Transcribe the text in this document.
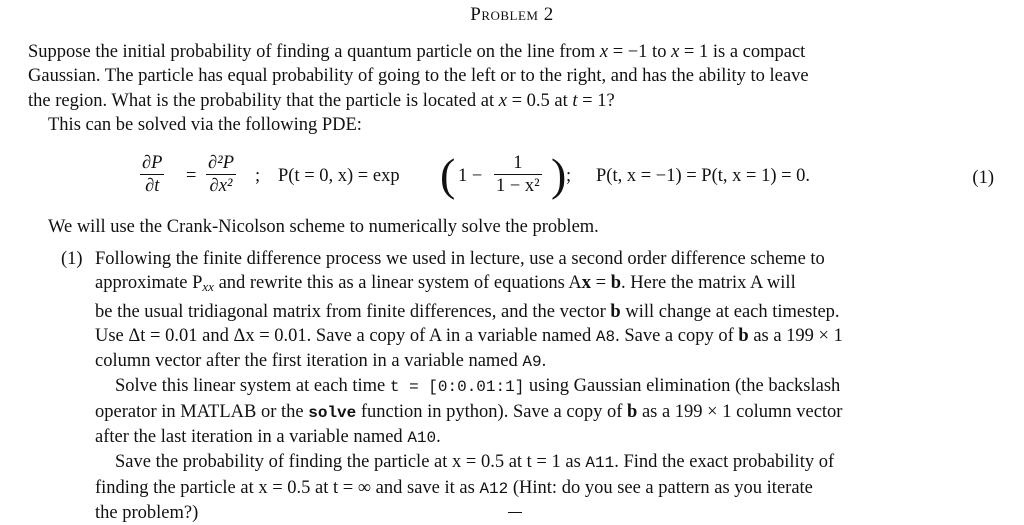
Problem 2
Suppose the initial probability of finding a quantum particle on the line from x = −1 to x = 1 is a compact
Gaussian. The particle has equal probability of going to the left or to the right, and has the ability to leave
the region. What is the probability that the particle is located at x = 0.5 at t = 1?
This can be solved via the following PDE:
$\frac{\partial P}{\partial t} = \frac{\text{∂²P}}{\text{∂x²}}$ ; P(t = 0, x) = exp ( $1 - \frac{1}{\text{1 − x²}}$ ) ; P(t, x = −1) = P(t, x = 1) = 0.	(1)
We will use the Crank-Nicolson scheme to numerically solve the problem.
(1) Following the finite difference process we used in lecture, use a second order difference scheme to
approximate $P_{xx}$ and rewrite this as a linear system of equations Ax = b. Here the matrix A will
be the usual tridiagonal matrix from finite differences, and the vector b will change at each timestep.
Use Δt = 0.01 and Δx = 0.01. Save a copy of A in a variable named A8. Save a copy of b as a 199 × 1
column vector after the first iteration in a variable named A9.
Solve this linear system at each time t = [0:0.01:1] using Gaussian elimination (the backslash
operator in MATLAB or the solve function in python). Save a copy of b as a 199 × 1 column vector
after the last iteration in a variable named A10.
Save the probability of finding the particle at x = 0.5 at t = 1 as A11. Find the exact probability of
finding the particle at x = 0.5 at t = ∞ and save it as A12 (Hint: do you see a pattern as you iterate
the problem?)
